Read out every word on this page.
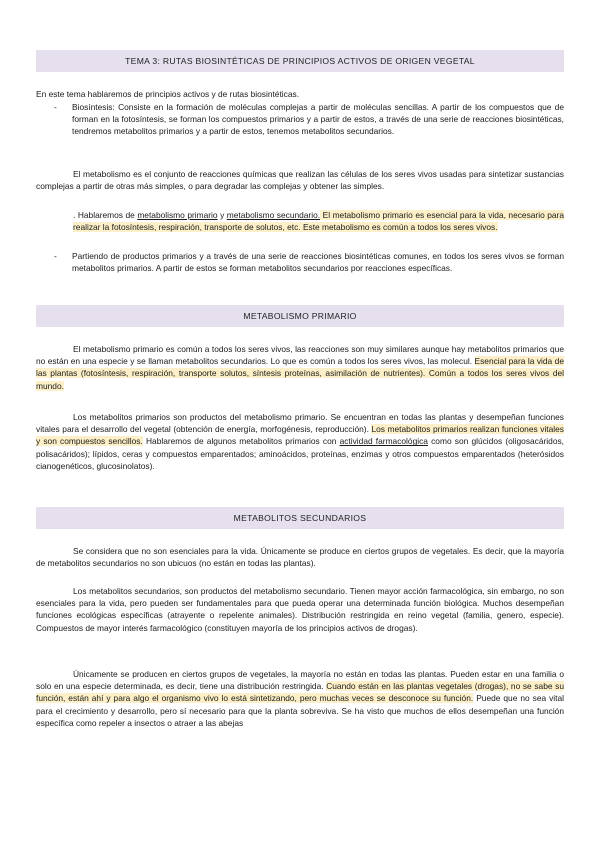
TEMA 3: RUTAS BIOSINTÉTICAS DE PRINCIPIOS ACTIVOS DE ORIGEN VEGETAL

En este tema hablaremos de principios activos y de rutas biosintéticas.

- Biosíntesis: Consiste en la formación de moléculas complejas a partir de moléculas sencillas. A partir de los compuestos que de forman en la fotosíntesis, se forman los compuestos primarios y a partir de estos, a través de una serie de reacciones biosintéticas, tendremos metabolitos primarios y a partir de estos, tenemos metabolitos secundarios.

El metabolismo es el conjunto de reacciones químicas que realizan las células de los seres vivos usadas para sintetizar sustancias complejas a partir de otras más simples, o para degradar las complejas y obtener las simples.

. Hablaremos de metabolismo primario y metabolismo secundario. El metabolismo primario es esencial para la vida, necesario para realizar la fotosíntesis, respiración, transporte de solutos, etc. Este metabolismo es común a todos los seres vivos.

- Partiendo de productos primarios y a través de una serie de reacciones biosintéticas comunes, en todos los seres vivos se forman metabolitos primarios. A partir de estos se forman metabolitos secundarios por reacciones específicas.
METABOLISMO PRIMARIO

El metabolismo primario es común a todos los seres vivos, las reacciones son muy similares aunque hay metabolitos primarios que no están en una especie y se llaman metabolitos secundarios. Lo que es común a todos los seres vivos, las molecul. Esencial para la vida de las plantas (fotosíntesis, respiración, transporte solutos, síntesis proteínas, asimilación de nutrientes). Común a todos los seres vivos del mundo.

Los metabolitos primarios son productos del metabolismo primario. Se encuentran en todas las plantas y desempeñan funciones vitales para el desarrollo del vegetal (obtención de energía, morfogénesis, reproducción). Los metabolitos primarios realizan funciones vitales y son compuestos sencillos. Hablaremos de algunos metabolitos primarios con actividad farmacológica como son glúcidos (oligosacáridos, polisacáridos); lípidos, ceras y compuestos emparentados; aminoácidos, proteínas, enzimas y otros compuestos emparentados (heterósidos cianogenéticos, glucosinolatos).

METABOLITOS SECUNDARIOS

Se considera que no son esenciales para la vida. Únicamente se produce en ciertos grupos de vegetales. Es decir, que la mayoría de metabolitos secundarios no son ubicuos (no están en todas las plantas).

Los metabolitos secundarios, son productos del metabolismo secundario. Tienen mayor acción farmacológica, sin embargo, no son esenciales para la vida, pero pueden ser fundamentales para que pueda operar una determinada función biológica. Muchos desempeñan funciones ecológicas específicas (atrayente o repelente animales). Distribución restringida en reino vegetal (familia, genero, especie). Compuestos de mayor interés farmacológico (constituyen mayoría de los principios activos de drogas).

Únicamente se producen en ciertos grupos de vegetales, la mayoría no están en todas las plantas. Pueden estar en una familia o solo en una especie determinada, es decir, tiene una distribución restringida. Cuando están en las plantas vegetales (drogas), no se sabe su función, están ahí y para algo el organismo vivo lo está sintetizando, pero muchas veces se desconoce su función. Puede que no sea vital para el crecimiento y desarrollo, pero sí necesario para que la planta sobreviva. Se ha visto que muchos de ellos desempeñan una función específica como repeler a insectos o atraer a las abejas
